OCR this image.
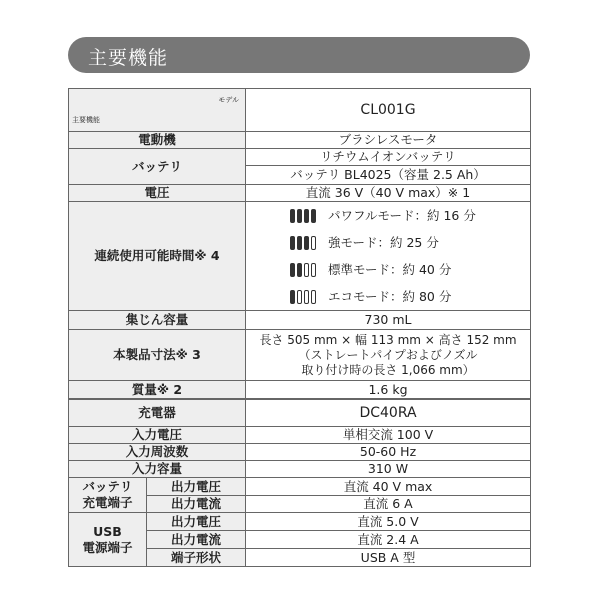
主要機能
モデル
主要機能	CL001G
電動機	ブラシレスモータ
バッテリ	リチウムイオンバッテリ
	バッテリ BL4025（容量 2.5 Ah）
電圧	直流 36 V（40 V max）※ 1
連続使用可能時間※ 4	パワフルモード：約 16 分
強モード：約 25 分
標準モード：約 40 分
エコモード：約 80 分

集じん容量	730 mL
本製品寸法※ 3	長さ 505 mm × 幅 113 mm × 高さ 152 mm
（ストレートパイプおよびノズル
取り付け時の長さ 1,066 mm）

質量※ 2	1.6 kg
充電器		DC40RA
入力電圧		単相交流 100 V
入力周波数		50-60 Hz
入力容量		310 W

バッテリ
充電端子	出力電圧	直流 40 V max
	出力電流	直流 6 A

USB
電源端子	出力電圧	直流 5.0 V
	出力電流	直流 2.4 A
	端子形状	USB A 型
